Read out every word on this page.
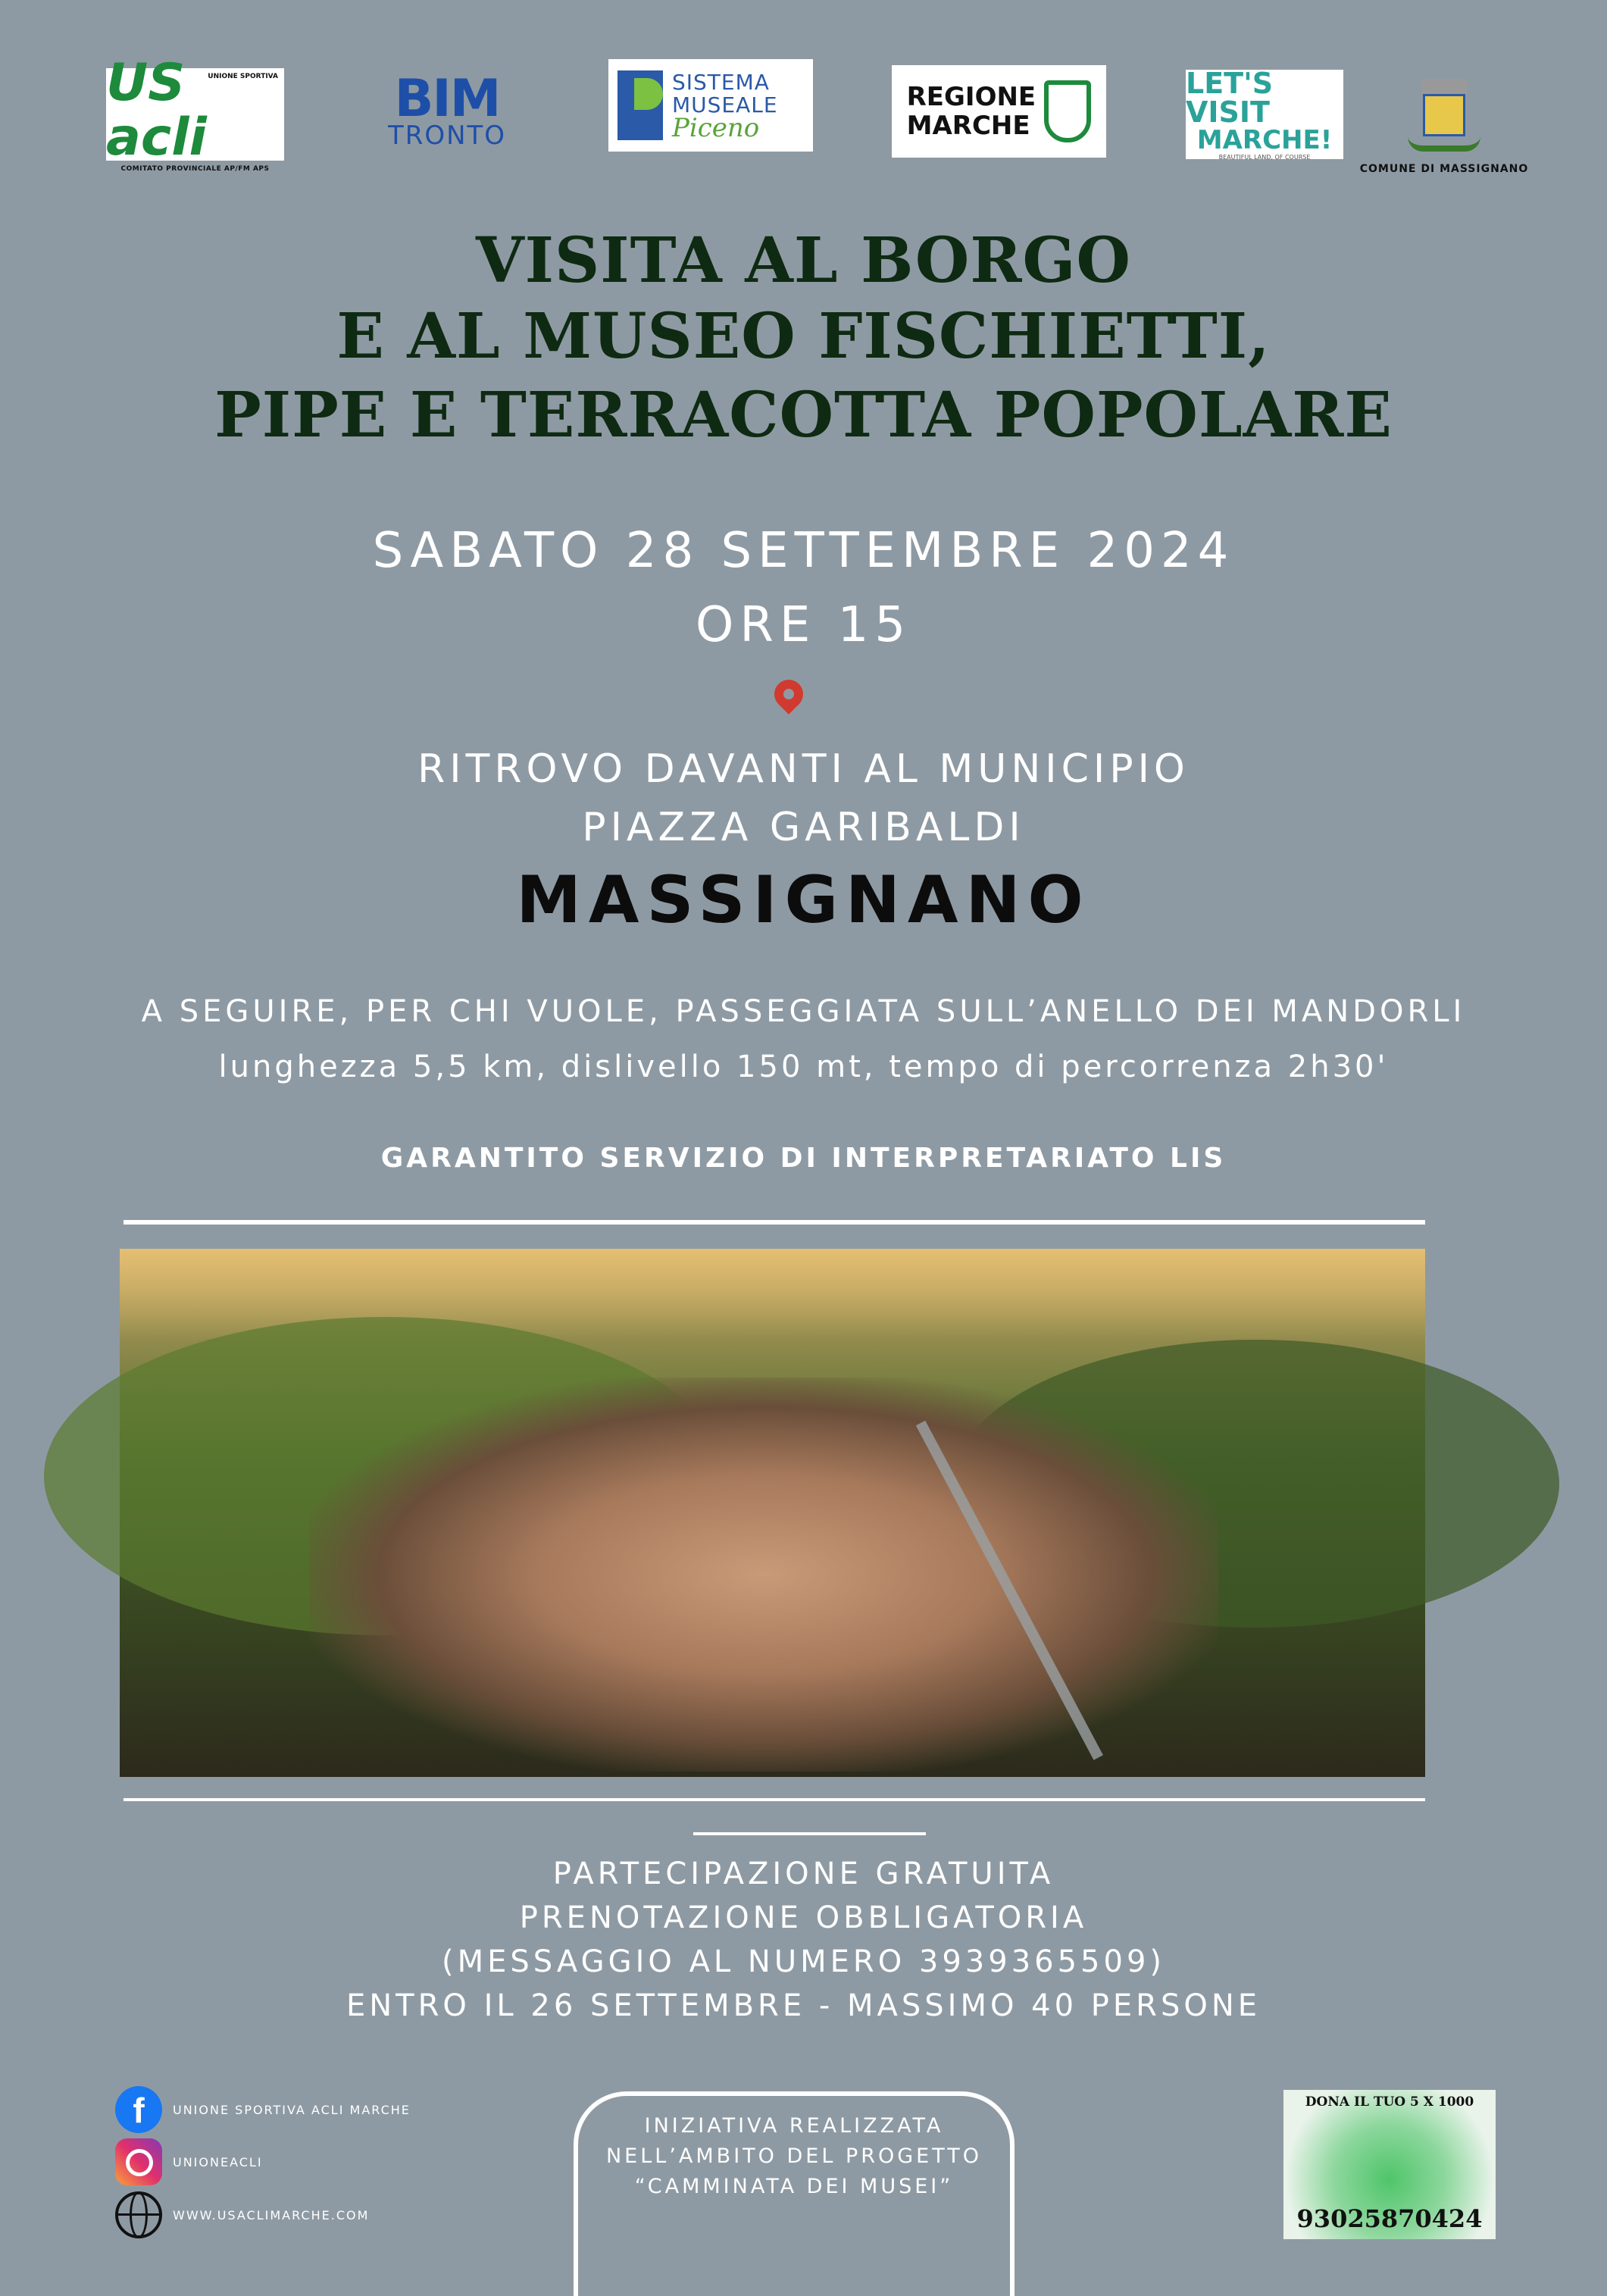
UNIONE SPORTIVA
US acli
COMITATO PROVINCIALE AP/FM APS
BIM
TRONTO
SISTEMA
MUSEALE
Piceno
REGIONE
MARCHE
LET'S VISIT
MARCHE!
BEAUTIFUL LAND, OF COURSE
COMUNE DI MASSIGNANO
VISITA AL BORGO
E AL MUSEO FISCHIETTI,
PIPE E TERRACOTTA POPOLARE
SABATO 28 SETTEMBRE 2024
ORE 15
RITROVO DAVANTI AL MUNICIPIO
PIAZZA GARIBALDI
MASSIGNANO
A SEGUIRE, PER CHI VUOLE, PASSEGGIATA SULL’ANELLO DEI MANDORLI
lunghezza 5,5 km, dislivello 150 mt, tempo di percorrenza 2h30'
GARANTITO SERVIZIO DI INTERPRETARIATO LIS
PARTECIPAZIONE GRATUITA
PRENOTAZIONE OBBLIGATORIA
(MESSAGGIO AL NUMERO 3939365509)
ENTRO IL 26 SETTEMBRE - MASSIMO 40 PERSONE
f	UNIONE SPORTIVA ACLI MARCHE
UNIONEACLI
WWW.USACLIMARCHE.COM
INIZIATIVA REALIZZATA
NELL’AMBITO DEL PROGETTO
“CAMMINATA DEI MUSEI”
DONA IL TUO 5 X 1000
93025870424
